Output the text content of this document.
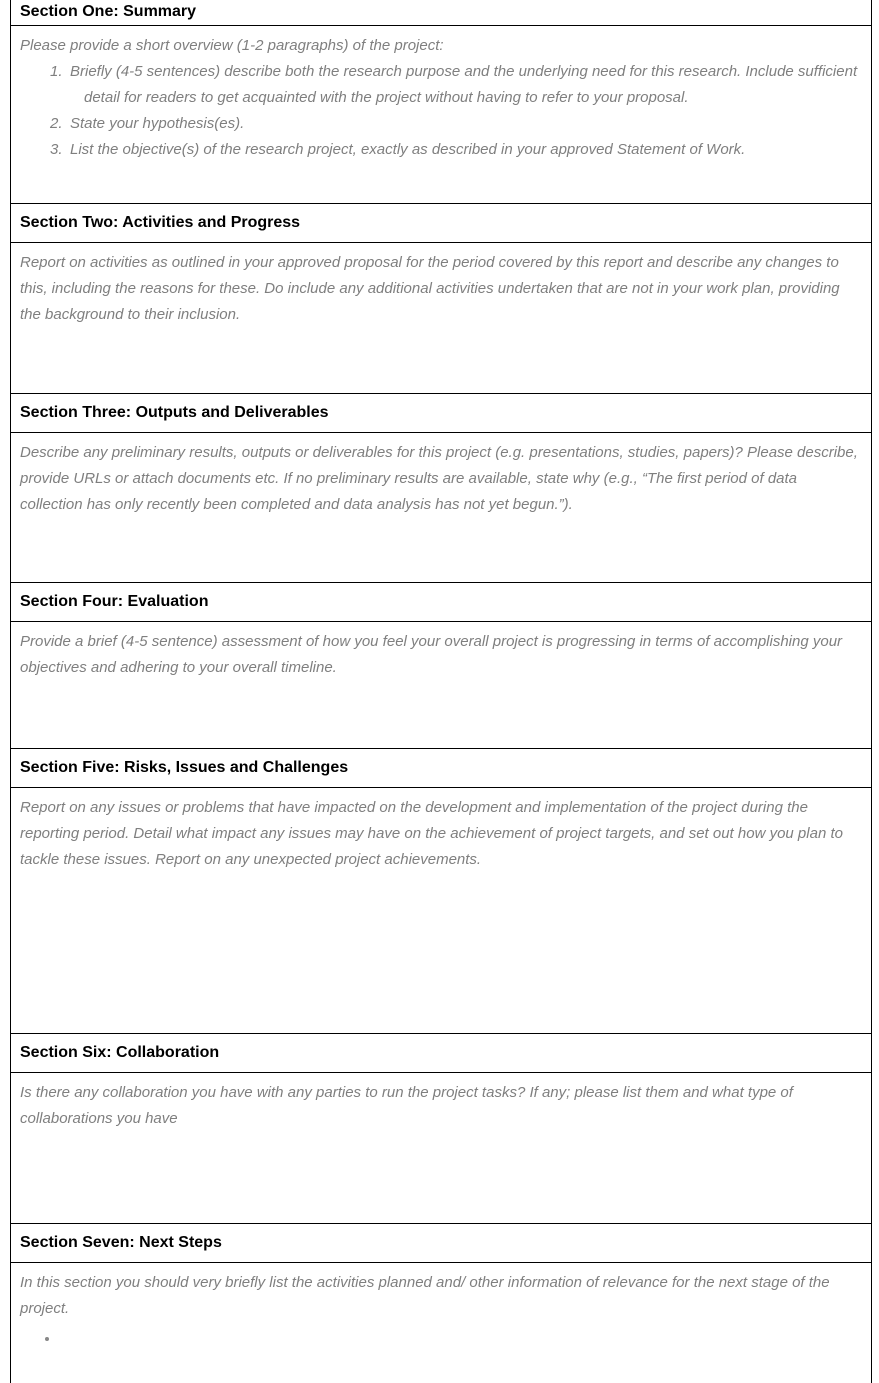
Section One: Summary

Please provide a short overview (1-2 paragraphs) of the project:

1. Briefly (4-5 sentences) describe both the research purpose and the underlying need for this research. Include sufficient detail for readers to get acquainted with the project without having to refer to your proposal.
2. State your hypothesis(es).
3. List the objective(s) of the research project, exactly as described in your approved Statement of Work.
Section Two: Activities and Progress

Report on activities as outlined in your approved proposal for the period covered by this report and describe any changes to this, including the reasons for these. Do include any additional activities undertaken that are not in your work plan, providing the background to their inclusion.

Section Three: Outputs and Deliverables

Describe any preliminary results, outputs or deliverables for this project (e.g. presentations, studies, papers)? Please describe, provide URLs or attach documents etc. If no preliminary results are available, state why (e.g., “The first period of data collection has only recently been completed and data analysis has not yet begun.”).

Section Four: Evaluation

Provide a brief (4-5 sentence) assessment of how you feel your overall project is progressing in terms of accomplishing your objectives and adhering to your overall timeline.

Section Five: Risks, Issues and Challenges

Report on any issues or problems that have impacted on the development and implementation of the project during the reporting period. Detail what impact any issues may have on the achievement of project targets, and set out how you plan to tackle these issues. Report on any unexpected project achievements.

Section Six: Collaboration

Is there any collaboration you have with any parties to run the project tasks? If any; please list them and what type of collaborations you have

Section Seven: Next Steps

In this section you should very briefly list the activities planned and/ other information of relevance for the next stage of the project.
